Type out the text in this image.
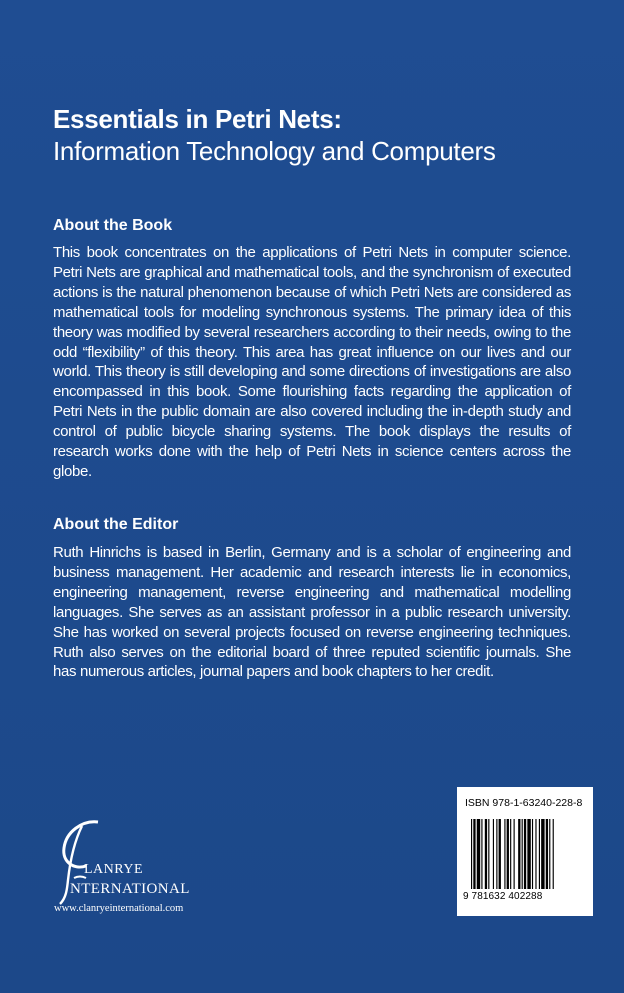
Essentials in Petri Nets:
Information Technology and Computers
About the Book

This book concentrates on the applications of Petri Nets in computer science. Petri Nets are graphical and mathematical tools, and the synchronism of executed actions is the natural phenomenon because of which Petri Nets are considered as mathematical tools for modeling synchronous systems. The primary idea of this theory was modified by several researchers according to their needs, owing to the odd “flexibility” of this theory. This area has great influence on our lives and our world. This theory is still developing and some directions of investigations are also encompassed in this book. Some flourishing facts regarding the application of Petri Nets in the public domain are also covered including the in-depth study and control of public bicycle sharing systems. The book displays the results of research works done with the help of Petri Nets in science centers across the globe.

About the Editor

Ruth Hinrichs is based in Berlin, Germany and is a scholar of engineering and business management. Her academic and research interests lie in economics, engineering management, reverse engineering and mathematical modelling languages. She serves as an assistant professor in a public research university. She has worked on several projects focused on reverse engineering techniques. Ruth also serves on the editorial board of three reputed scientific journals. She has numerous articles, journal papers and book chapters to her credit.

LANRYE
NTERNATIONAL
www.clanryeinternational.com
ISBN 978-1-63240-228-8
9 781632 402288
